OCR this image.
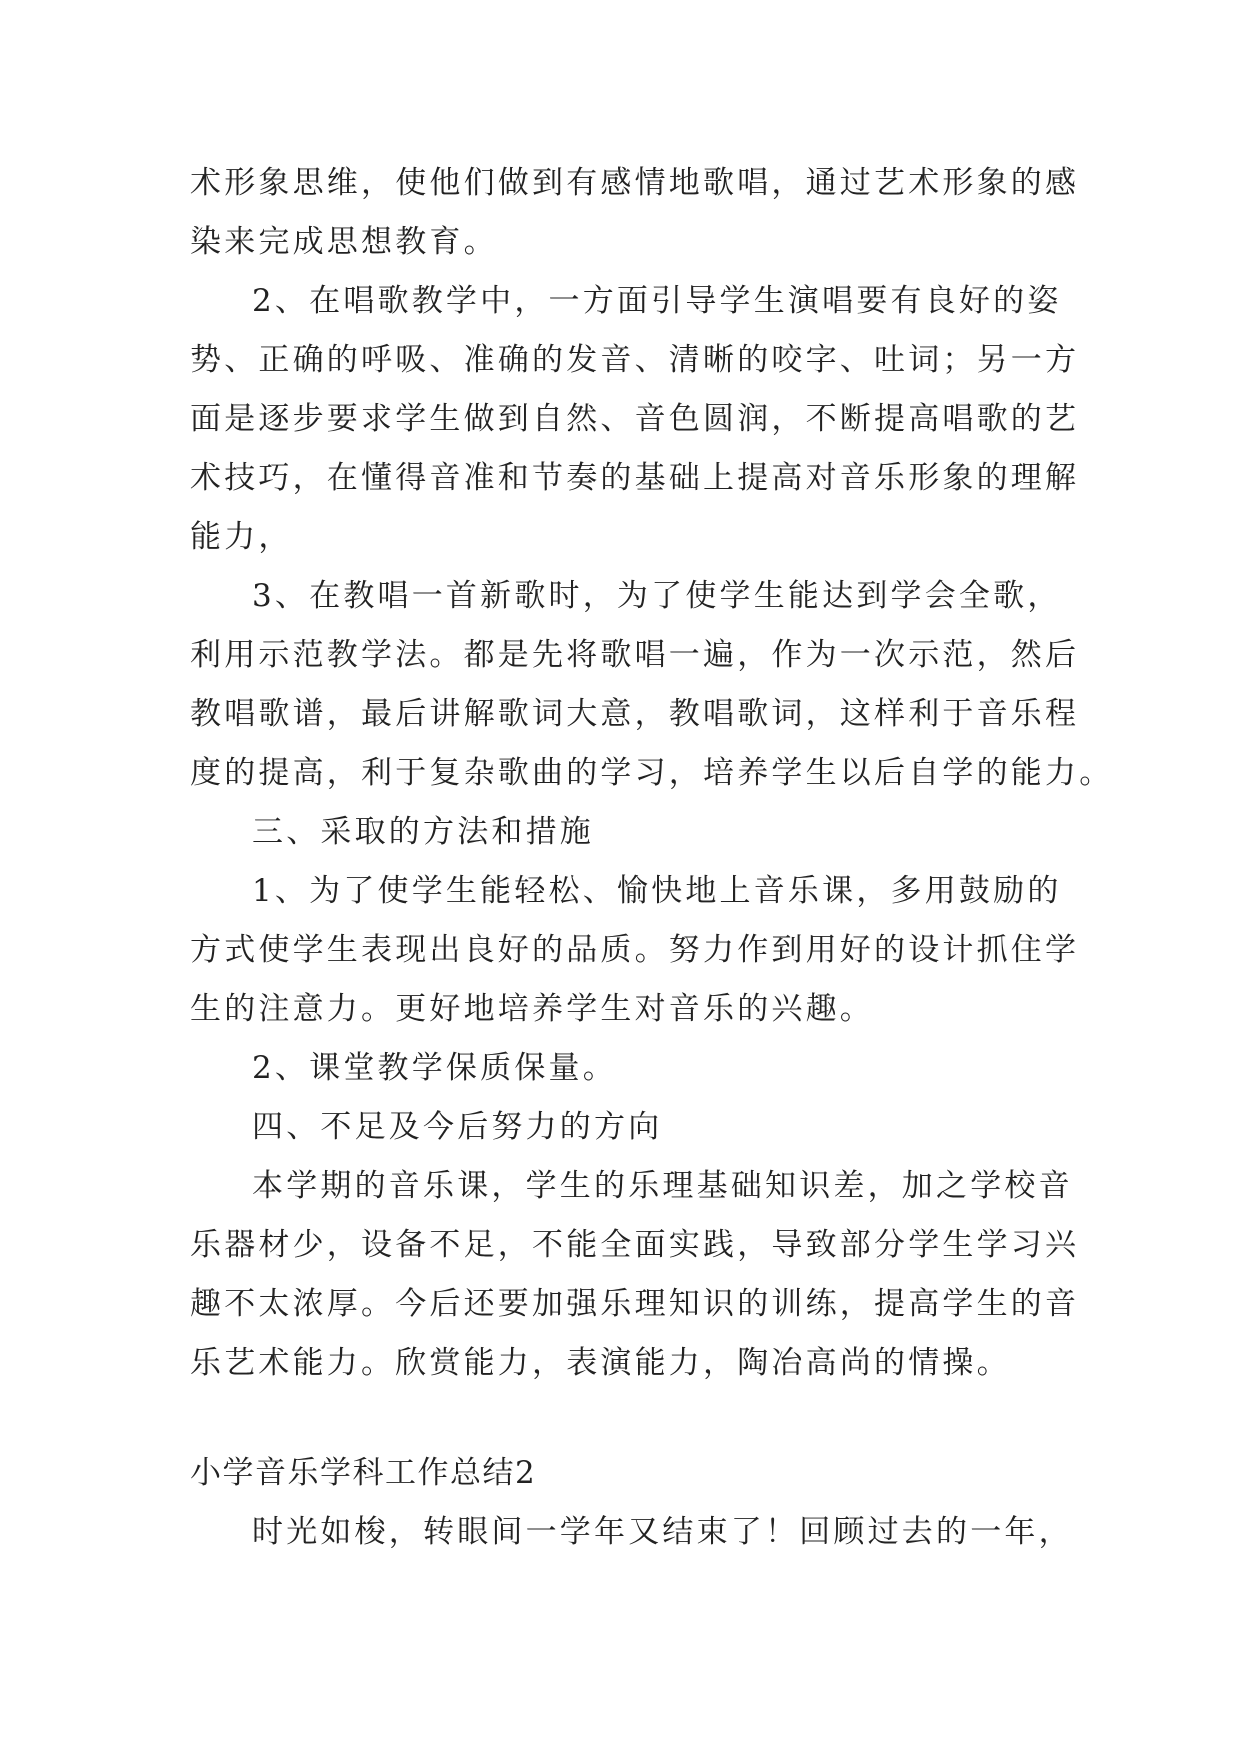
术形象思维，使他们做到有感情地歌唱，通过艺术形象的感
染来完成思想教育。
2、在唱歌教学中，一方面引导学生演唱要有良好的姿
势、正确的呼吸、准确的发音、清晰的咬字、吐词；另一方
面是逐步要求学生做到自然、音色圆润，不断提高唱歌的艺
术技巧，在懂得音准和节奏的基础上提高对音乐形象的理解
能力，
3、在教唱一首新歌时，为了使学生能达到学会全歌，
利用示范教学法。都是先将歌唱一遍，作为一次示范，然后
教唱歌谱，最后讲解歌词大意，教唱歌词，这样利于音乐程
度的提高，利于复杂歌曲的学习，培养学生以后自学的能力。
三、采取的方法和措施
1、为了使学生能轻松、愉快地上音乐课，多用鼓励的
方式使学生表现出良好的品质。努力作到用好的设计抓住学
生的注意力。更好地培养学生对音乐的兴趣。
2、课堂教学保质保量。
四、不足及今后努力的方向
本学期的音乐课，学生的乐理基础知识差，加之学校音
乐器材少，设备不足，不能全面实践，导致部分学生学习兴
趣不太浓厚。今后还要加强乐理知识的训练，提高学生的音
乐艺术能力。欣赏能力，表演能力，陶冶高尚的情操。
小学音乐学科工作总结2
时光如梭，转眼间一学年又结束了！回顾过去的一年，
